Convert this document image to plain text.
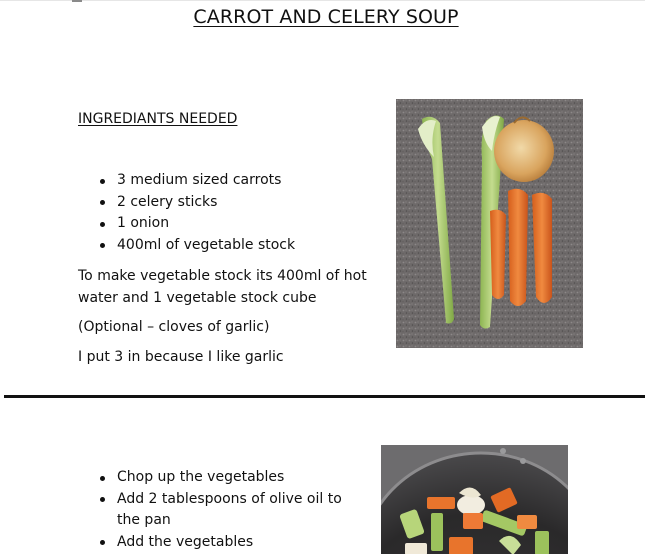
CARROT AND CELERY SOUP
INGREDIANTS NEEDED
3 medium sized carrots
2 celery sticks
1 onion
400ml of vegetable stock

To make vegetable stock its 400ml of hot water and 1 vegetable stock cube

(Optional – cloves of garlic)

I put 3 in because I like garlic

Chop up the vegetables
Add 2 tablespoons of olive oil to the pan
Add the vegetables
